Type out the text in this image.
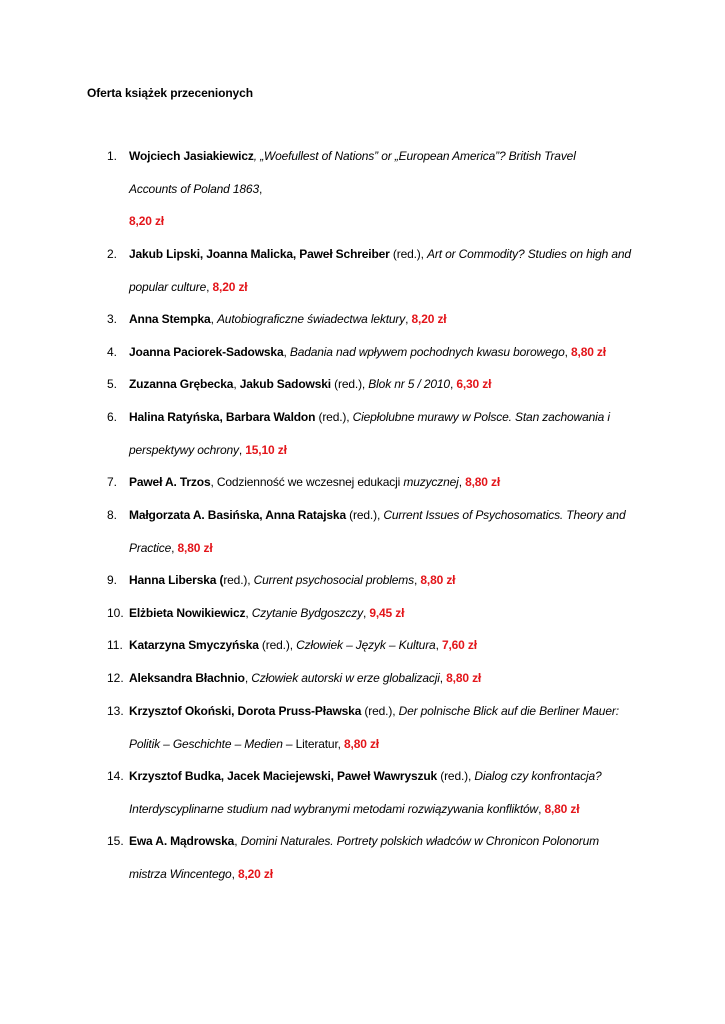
Oferta książek przecenionych
1. Wojciech Jasiakiewicz, „Woefullest of Nations” or „European America”? British Travel
Accounts of Poland 1863,
8,20 zł
2. Jakub Lipski, Joanna Malicka, Paweł Schreiber (red.), Art or Commodity? Studies on high and
popular culture, 8,20 zł
3. Anna Stempka, Autobiograficzne świadectwa lektury, 8,20 zł
4. Joanna Paciorek-Sadowska, Badania nad wpływem pochodnych kwasu borowego, 8,80 zł
5. Zuzanna Grębecka, Jakub Sadowski (red.), Blok nr 5 / 2010, 6,30 zł
6. Halina Ratyńska, Barbara Waldon (red.), Ciepłolubne murawy w Polsce. Stan zachowania i
perspektywy ochrony, 15,10 zł
7. Paweł A. Trzos, Codzienność we wczesnej edukacji muzycznej, 8,80 zł
8. Małgorzata A. Basińska, Anna Ratajska (red.), Current Issues of Psychosomatics. Theory and
Practice, 8,80 zł
9. Hanna Liberska (red.), Current psychosocial problems, 8,80 zł
10. Elżbieta Nowikiewicz, Czytanie Bydgoszczy, 9,45 zł
11. Katarzyna Smyczyńska (red.), Człowiek – Język – Kultura, 7,60 zł
12. Aleksandra Błachnio, Człowiek autorski w erze globalizacji, 8,80 zł
13. Krzysztof Okoński, Dorota Pruss-Pławska (red.), Der polnische Blick auf die Berliner Mauer:
Politik – Geschichte – Medien – Literatur, 8,80 zł
14. Krzysztof Budka, Jacek Maciejewski, Paweł Wawryszuk (red.), Dialog czy konfrontacja?
Interdyscyplinarne studium nad wybranymi metodami rozwiązywania konfliktów, 8,80 zł
15. Ewa A. Mądrowska, Domini Naturales. Portrety polskich władców w Chronicon Polonorum
mistrza Wincentego, 8,20 zł
